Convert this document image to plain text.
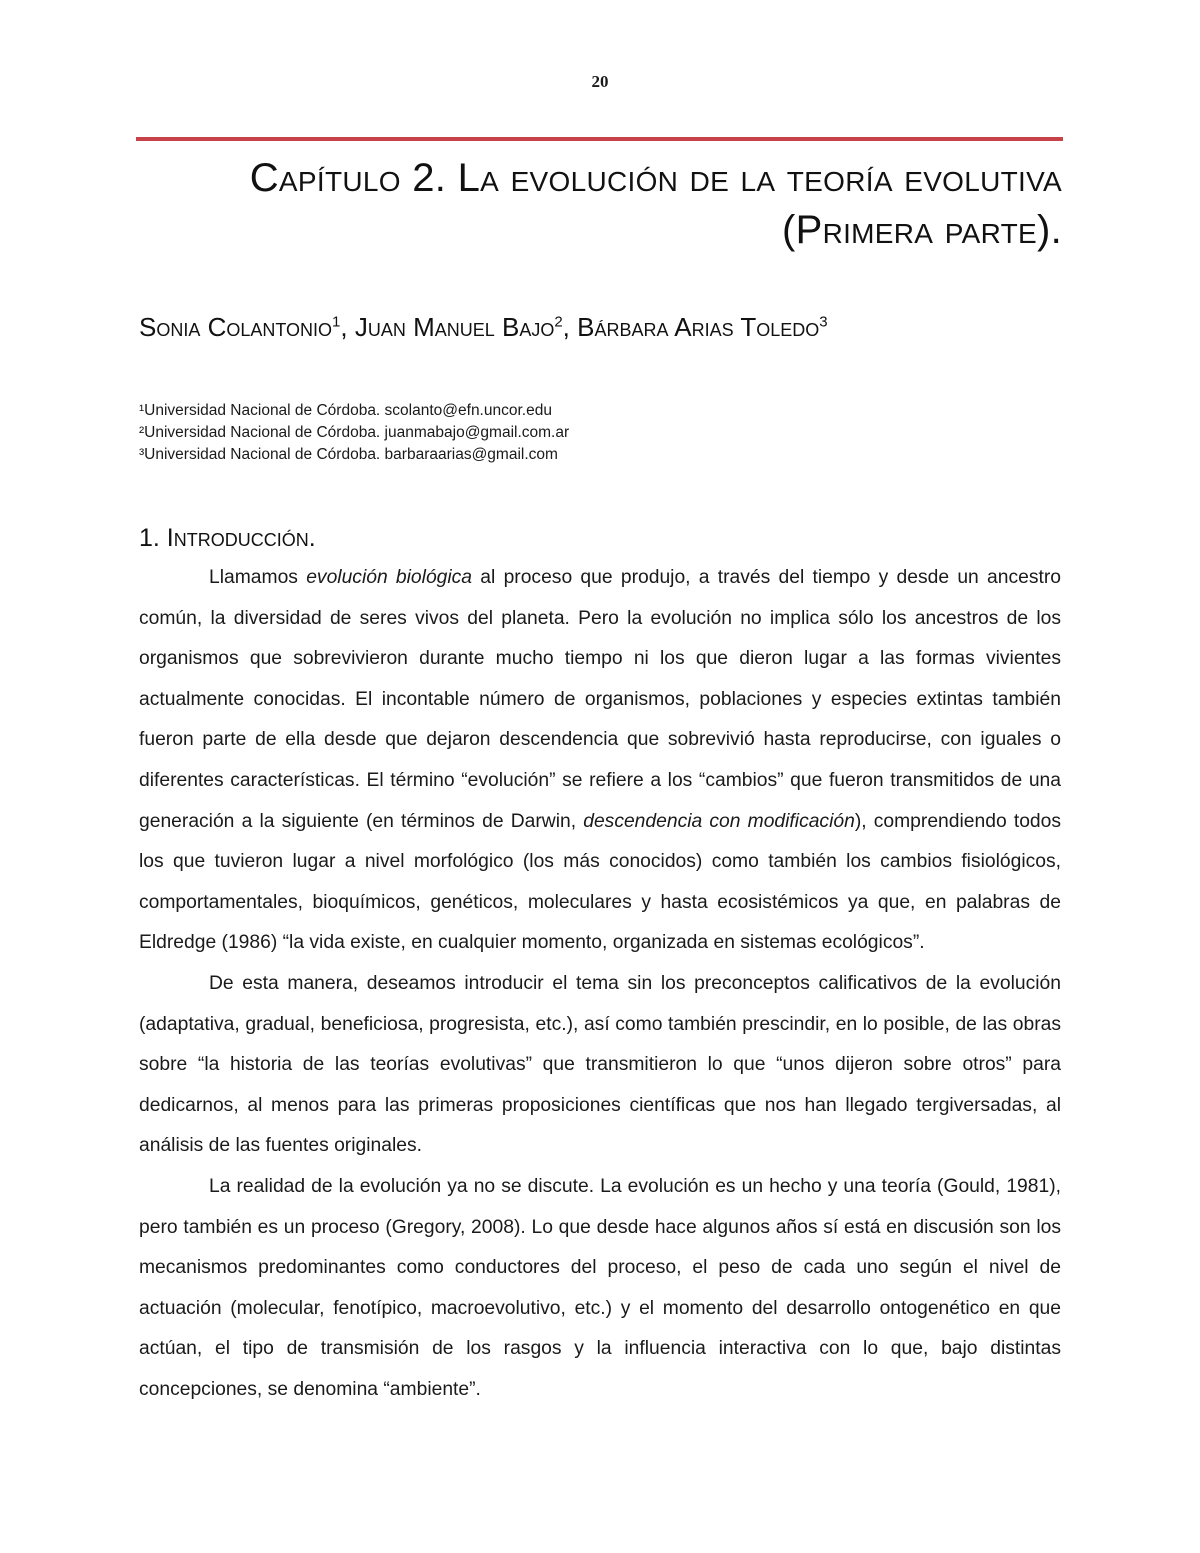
20
Capítulo 2. La evolución de la teoría evolutiva
(Primera parte).
Sonia Colantonio$^1$, Juan Manuel Bajo$^2$, Bárbara Arias Toledo$^3$
¹Universidad Nacional de Córdoba. scolanto@efn.uncor.edu
²Universidad Nacional de Córdoba. juanmabajo@gmail.com.ar
³Universidad Nacional de Córdoba. barbaraarias@gmail.com
1. Introducción.

Llamamos evolución biológica al proceso que produjo, a través del tiempo y desde un ancestro común, la diversidad de seres vivos del planeta. Pero la evolución no implica sólo los ancestros de los organismos que sobrevivieron durante mucho tiempo ni los que dieron lugar a las formas vivientes actualmente conocidas. El incontable número de organismos, poblaciones y especies extintas también fueron parte de ella desde que dejaron descendencia que sobrevivió hasta reproducirse, con iguales o diferentes características. El término “evolución” se refiere a los “cambios” que fueron transmitidos de una generación a la siguiente (en términos de Darwin, descendencia con modificación), comprendiendo todos los que tuvieron lugar a nivel morfológico (los más conocidos) como también los cambios fisiológicos, comportamentales, bioquímicos, genéticos, moleculares y hasta ecosistémicos ya que, en palabras de Eldredge (1986) “la vida existe, en cualquier momento, organizada en sistemas ecológicos”.

De esta manera, deseamos introducir el tema sin los preconceptos calificativos de la evolución (adaptativa, gradual, beneficiosa, progresista, etc.), así como también prescindir, en lo posible, de las obras sobre “la historia de las teorías evolutivas” que transmitieron lo que “unos dijeron sobre otros” para dedicarnos, al menos para las primeras proposiciones científicas que nos han llegado tergiversadas, al análisis de las fuentes originales.

La realidad de la evolución ya no se discute. La evolución es un hecho y una teoría (Gould, 1981), pero también es un proceso (Gregory, 2008). Lo que desde hace algunos años sí está en discusión son los mecanismos predominantes como conductores del proceso, el peso de cada uno según el nivel de actuación (molecular, fenotípico, macroevolutivo, etc.) y el momento del desarrollo ontogenético en que actúan, el tipo de transmisión de los rasgos y la influencia interactiva con lo que, bajo distintas concepciones, se denomina “ambiente”.
